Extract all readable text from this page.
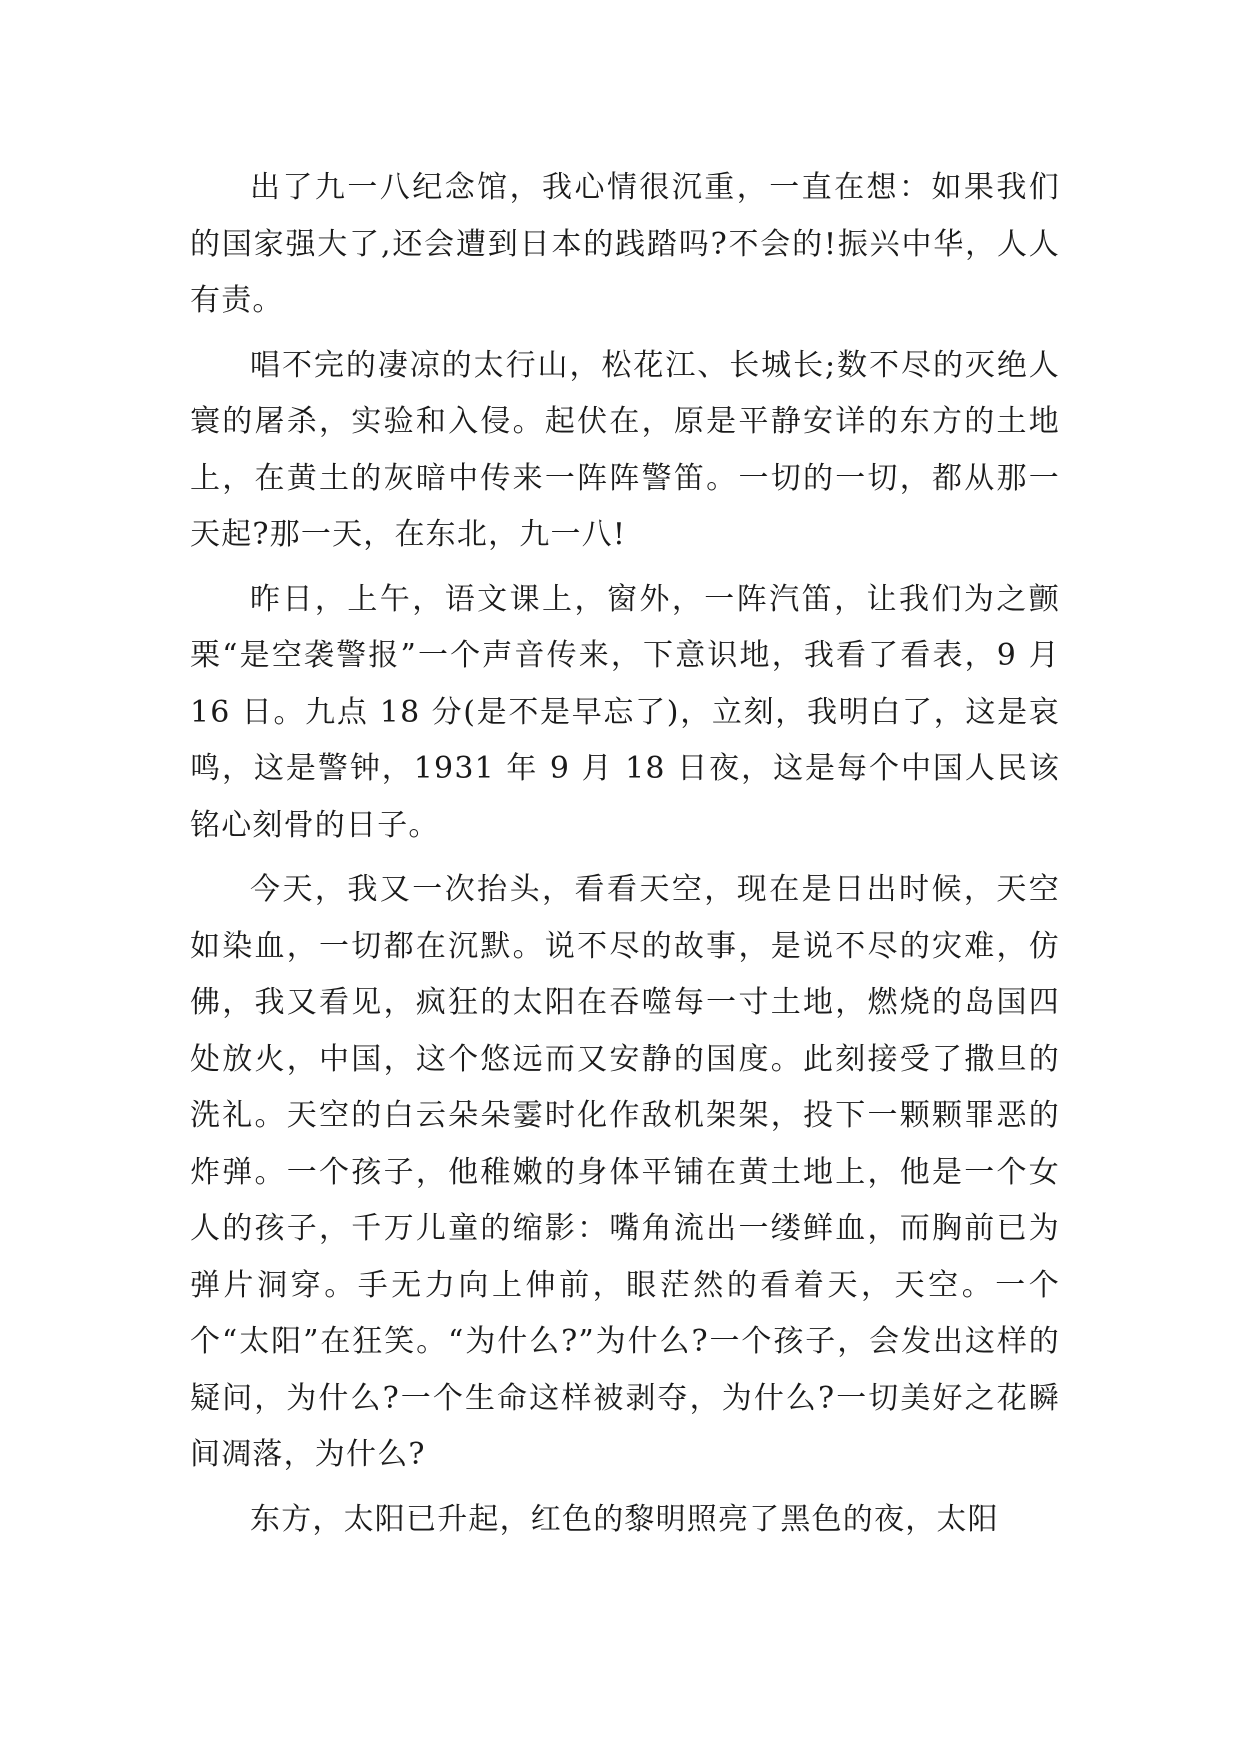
出了九一八纪念馆，我心情很沉重，一直在想：如果我们的国家强大了,还会遭到日本的践踏吗?不会的!振兴中华，人人有责。

唱不完的凄凉的太行山，松花江、长城长;数不尽的灭绝人寰的屠杀，实验和入侵。起伏在，原是平静安详的东方的土地上，在黄土的灰暗中传来一阵阵警笛。一切的一切，都从那一天起?那一天，在东北，九一八!

昨日，上午，语文课上，窗外，一阵汽笛，让我们为之颤栗“是空袭警报”一个声音传来，下意识地，我看了看表，9 月 16 日。九点 18 分(是不是早忘了)，立刻，我明白了，这是哀鸣，这是警钟，1931 年 9 月 18 日夜，这是每个中国人民该铭心刻骨的日子。

今天，我又一次抬头，看看天空，现在是日出时候，天空如染血，一切都在沉默。说不尽的故事，是说不尽的灾难，仿佛，我又看见，疯狂的太阳在吞噬每一寸土地，燃烧的岛国四处放火，中国，这个悠远而又安静的国度。此刻接受了撒旦的洗礼。天空的白云朵朵霎时化作敌机架架，投下一颗颗罪恶的炸弹。一个孩子，他稚嫩的身体平铺在黄土地上，他是一个女人的孩子，千万儿童的缩影：嘴角流出一缕鲜血，而胸前已为弹片洞穿。手无力向上伸前，眼茫然的看着天，天空。一个个“太阳”在狂笑。“为什么?”为什么?一个孩子，会发出这样的疑问，为什么?一个生命这样被剥夺，为什么?一切美好之花瞬间凋落，为什么?

东方，太阳已升起，红色的黎明照亮了黑色的夜，太阳
